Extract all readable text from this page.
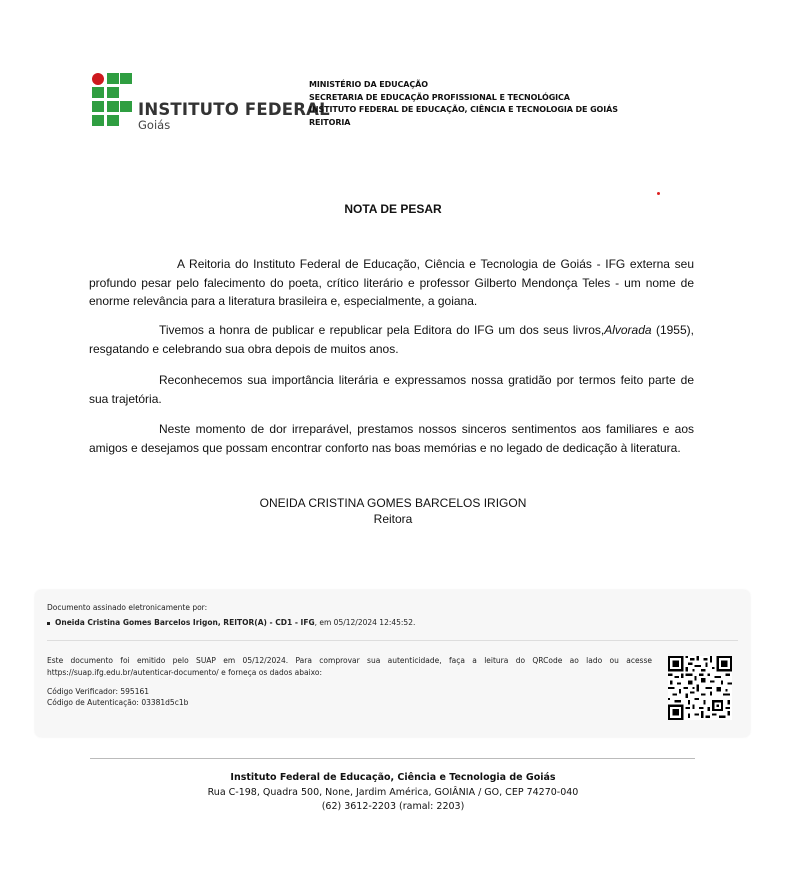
INSTITUTO FEDERAL
Goiás
MINISTÉRIO DA EDUCAÇÃO
SECRETARIA DE EDUCAÇÃO PROFISSIONAL E TECNOLÓGICA
INSTITUTO FEDERAL DE EDUCAÇÃO, CIÊNCIA E TECNOLOGIA DE GOIÁS
REITORIA
NOTA DE PESAR
A Reitoria do Instituto Federal de Educação, Ciência e Tecnologia de Goiás - IFG externa seu profundo pesar pelo falecimento do poeta, crítico literário e professor Gilberto Mendonça Teles - um nome de enorme relevância para a literatura brasileira e, especialmente, a goiana.
Tivemos a honra de publicar e republicar pela Editora do IFG um dos seus livros,Alvorada (1955), resgatando e celebrando sua obra depois de muitos anos.
Reconhecemos sua importância literária e expressamos nossa gratidão por termos feito parte de sua trajetória.
Neste momento de dor irreparável, prestamos nossos sinceros sentimentos aos familiares e aos amigos e desejamos que possam encontrar conforto nas boas memórias e no legado de dedicação à literatura.
ONEIDA CRISTINA GOMES BARCELOS IRIGON
Reitora
Documento assinado eletronicamente por:
Oneida Cristina Gomes Barcelos Irigon, REITOR(A) - CD1 - IFG, em 05/12/2024 12:45:52.
Este documento foi emitido pelo SUAP em 05/12/2024. Para comprovar sua autenticidade, faça a leitura do QRCode ao lado ou acesse https://suap.ifg.edu.br/autenticar-documento/ e forneça os dados abaixo:
Código Verificador: 595161
Código de Autenticação: 03381d5c1b
Instituto Federal de Educação, Ciência e Tecnologia de Goiás
Rua C-198, Quadra 500, None, Jardim América, GOIÂNIA / GO, CEP 74270-040
(62) 3612-2203 (ramal: 2203)
